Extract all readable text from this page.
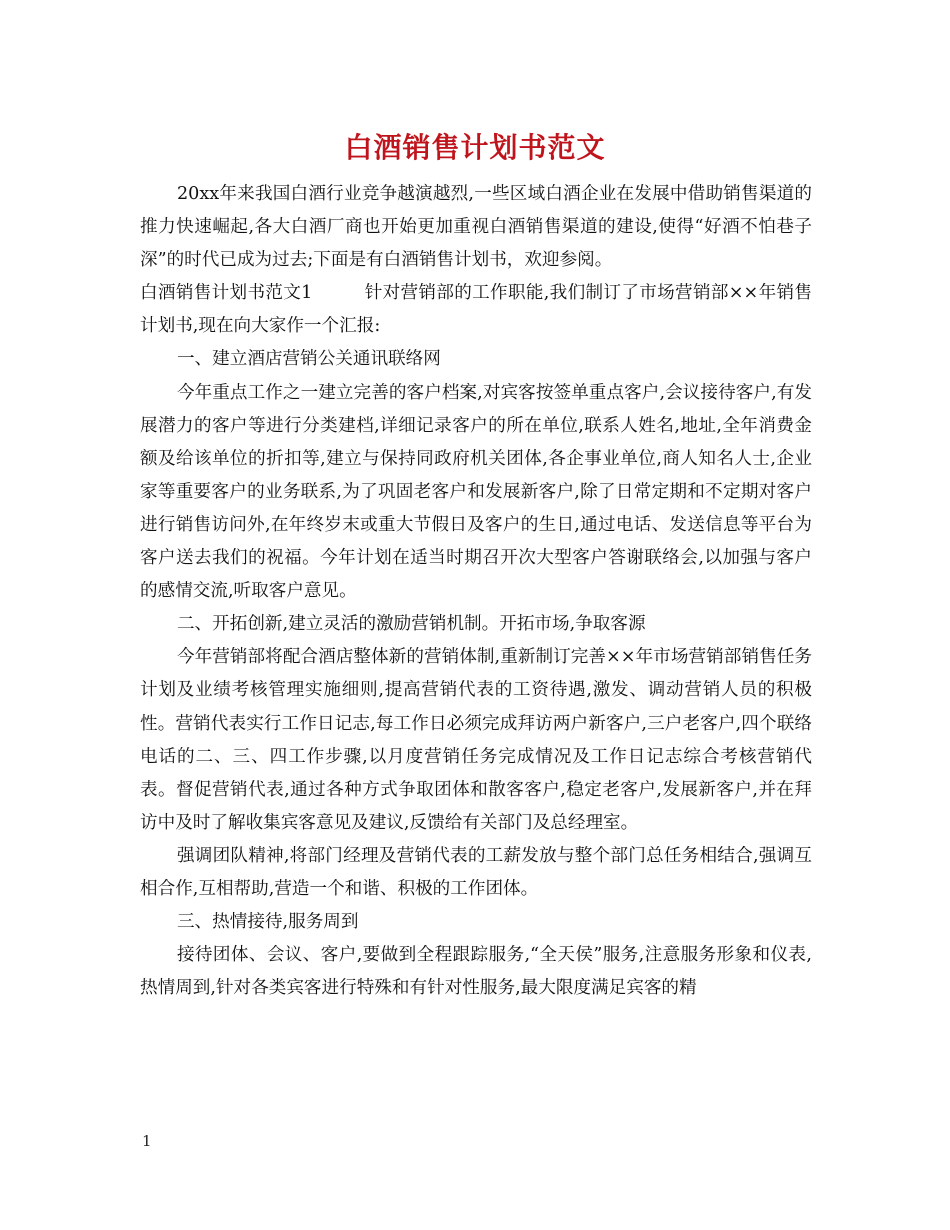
白酒销售计划书范文

20xx年来我国白酒行业竞争越演越烈,一些区域白酒企业在发展中借助销售渠道的推力快速崛起,各大白酒厂商也开始更加重视白酒销售渠道的建设,使得“好酒不怕巷子深”的时代已成为过去;下面是有白酒销售计划书，欢迎参阅。

白酒销售计划书范文1	针对营销部的工作职能,我们制订了市场营销部××年销售计划书,现在向大家作一个汇报:

一、建立酒店营销公关通讯联络网

今年重点工作之一建立完善的客户档案,对宾客按签单重点客户,会议接待客户,有发展潜力的客户等进行分类建档,详细记录客户的所在单位,联系人姓名,地址,全年消费金额及给该单位的折扣等,建立与保持同政府机关团体,各企事业单位,商人知名人士,企业家等重要客户的业务联系,为了巩固老客户和发展新客户,除了日常定期和不定期对客户进行销售访问外,在年终岁末或重大节假日及客户的生日,通过电话、发送信息等平台为客户送去我们的祝福。今年计划在适当时期召开次大型客户答谢联络会,以加强与客户的感情交流,听取客户意见。

二、开拓创新,建立灵活的激励营销机制。开拓市场,争取客源

今年营销部将配合酒店整体新的营销体制,重新制订完善××年市场营销部销售任务计划及业绩考核管理实施细则,提高营销代表的工资待遇,激发、调动营销人员的积极性。营销代表实行工作日记志,每工作日必须完成拜访两户新客户,三户老客户,四个联络电话的二、三、四工作步骤,以月度营销任务完成情况及工作日记志综合考核营销代表。督促营销代表,通过各种方式争取团体和散客客户,稳定老客户,发展新客户,并在拜访中及时了解收集宾客意见及建议,反馈给有关部门及总经理室。

强调团队精神,将部门经理及营销代表的工薪发放与整个部门总任务相结合,强调互相合作,互相帮助,营造一个和谐、积极的工作团体。

三、热情接待,服务周到

接待团体、会议、客户,要做到全程跟踪服务,“全天侯”服务,注意服务形象和仪表,热情周到,针对各类宾客进行特殊和有针对性服务,最大限度满足宾客的精

1
